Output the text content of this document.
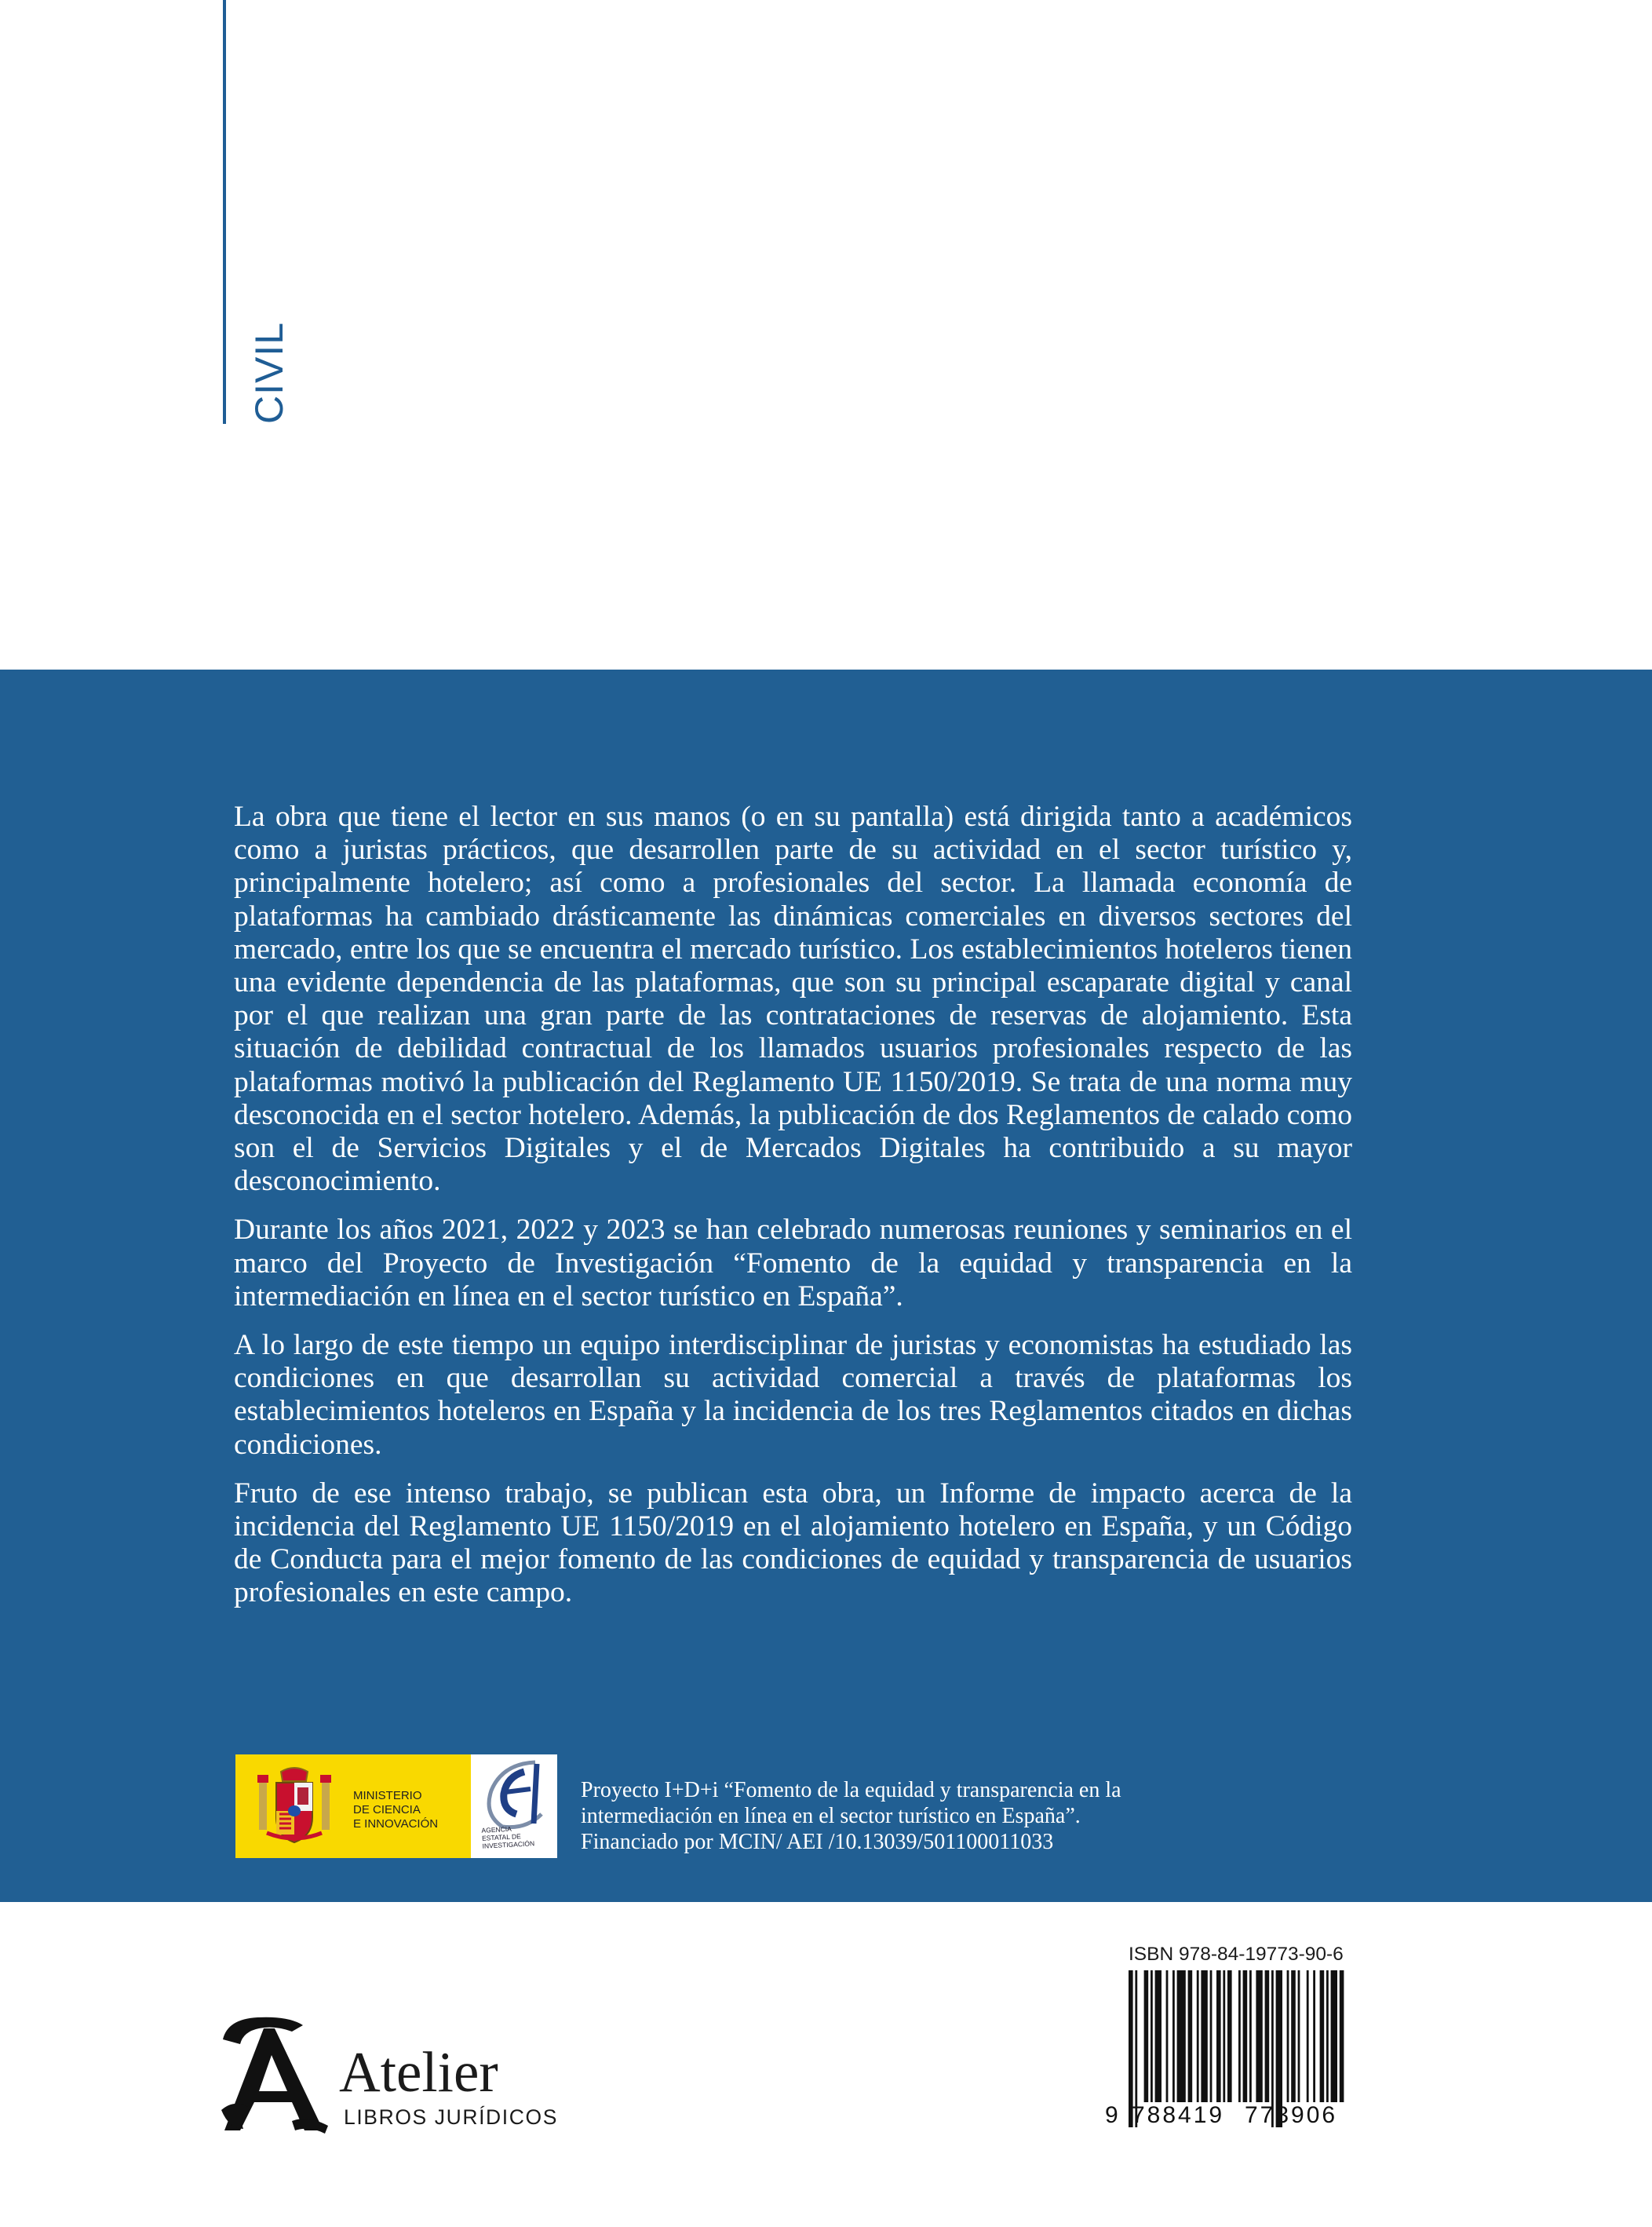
CIVIL

La obra que tiene el lector en sus manos (o en su pantalla) está dirigida tanto a académicos como a juristas prácticos, que desarrollen parte de su actividad en el sector turístico y, principalmente hotelero; así como a profesionales del sector. La llamada economía de plataformas ha cambiado drásticamente las dinámicas comerciales en diversos sectores del mercado, entre los que se encuentra el mercado turístico. Los establecimientos hoteleros tienen una evidente dependencia de las plataformas, que son su principal escaparate digital y canal por el que realizan una gran parte de las contrataciones de reservas de alojamiento. Esta situación de debilidad contractual de los llamados usuarios profesionales respecto de las plataformas motivó la publicación del Reglamento UE 1150/2019. Se trata de una norma muy desconocida en el sector hotelero. Además, la publicación de dos Reglamentos de calado como son el de Servicios Digitales y el de Mercados Digitales ha contribuido a su mayor desconocimiento.

Durante los años 2021, 2022 y 2023 se han celebrado numerosas reuniones y seminarios en el marco del Proyecto de Investigación “Fomento de la equidad y transparencia en la intermediación en línea en el sector turístico en España”.

A lo largo de este tiempo un equipo interdisciplinar de juristas y economistas ha estudiado las condiciones en que desarrollan su actividad comercial a través de plataformas los establecimientos hoteleros en España y la incidencia de los tres Reglamentos citados en dichas condiciones.

Fruto de ese intenso trabajo, se publican esta obra, un Informe de impacto acerca de la incidencia del Reglamento UE 1150/2019 en el alojamiento hotelero en España, y un Código de Conducta para el mejor fomento de las condiciones de equidad y transparencia de usuarios profesionales en este campo.

MINISTERIO
DE CIENCIA
E INNOVACIÓN	AGENCIA
ESTATAL DE
INVESTIGACIÓN
Proyecto I+D+i “Fomento de la equidad y transparencia en la
intermediación en línea en el sector turístico en España”.
Financiado por MCIN/ AEI /10.13039/501100011033
Atelier
LIBROS JURÍDICOS
ISBN 978-84-19773-90-6
9 788419 773906
